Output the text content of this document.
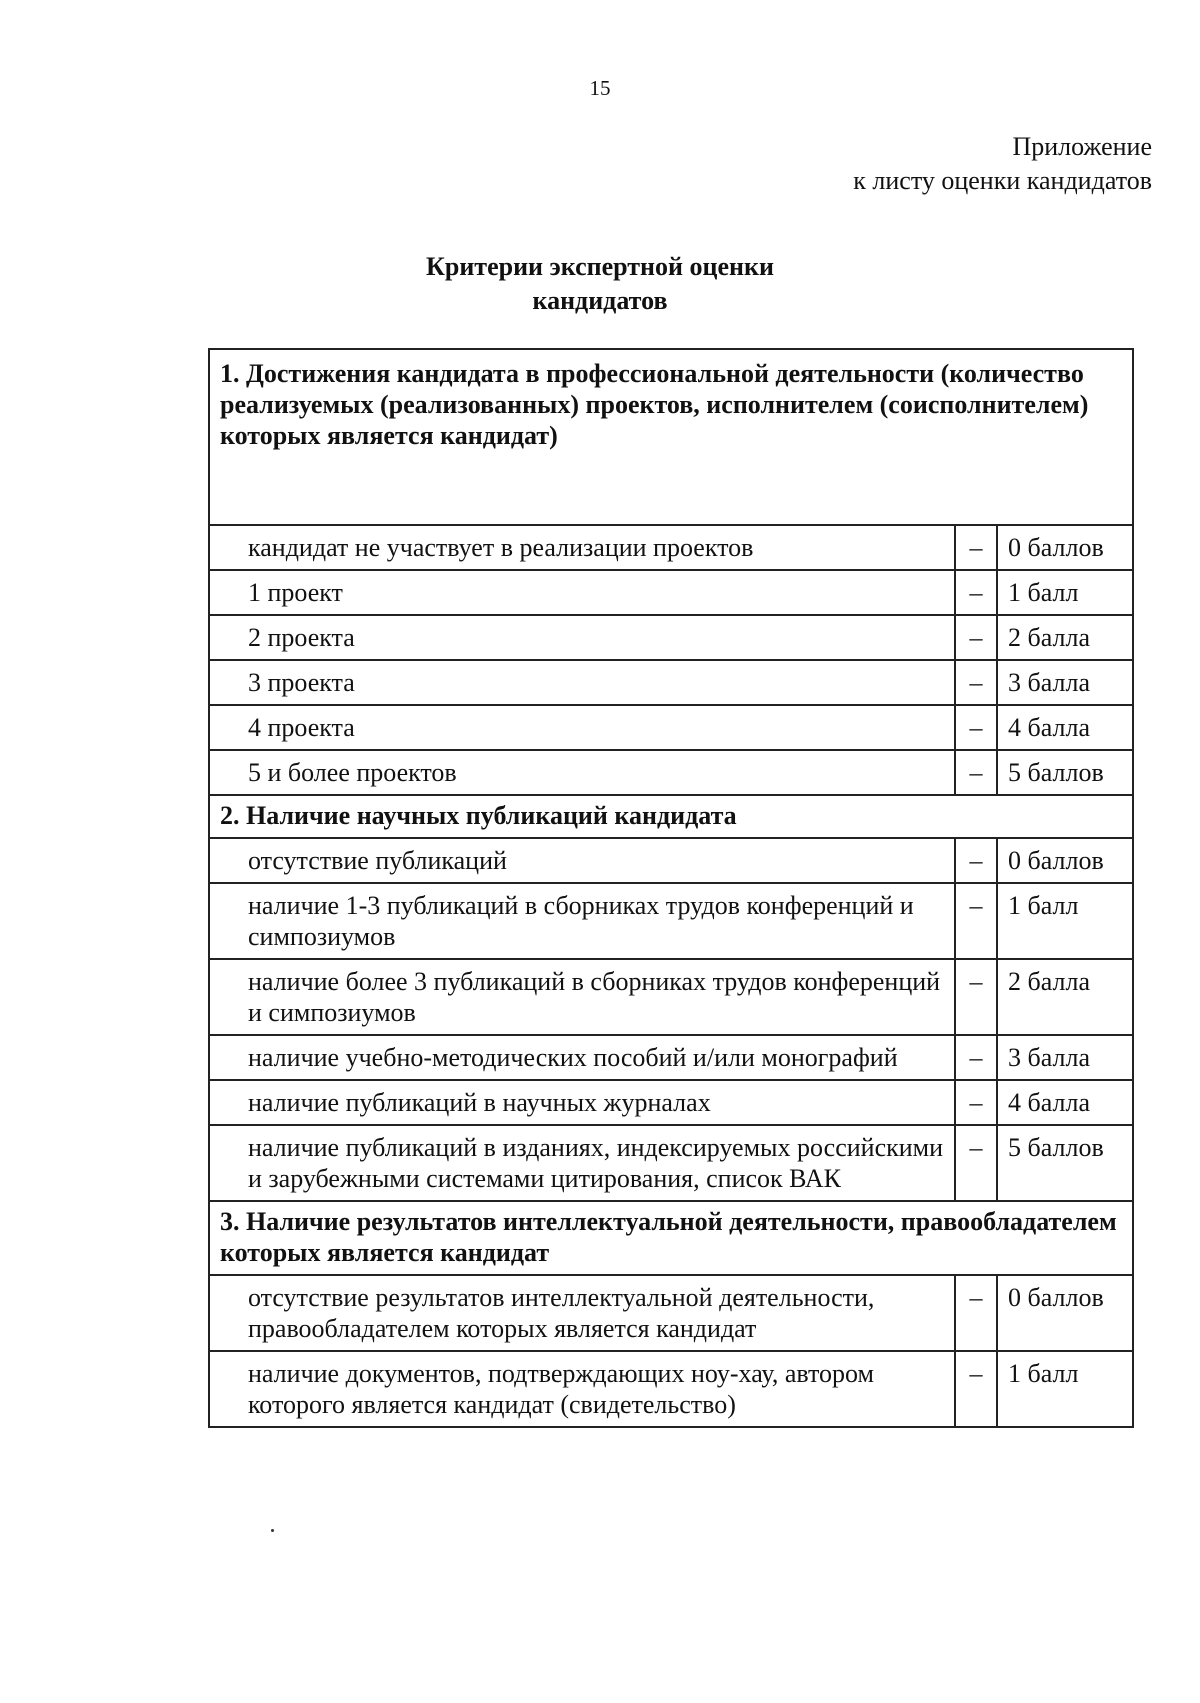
15
Приложение
к листу оценки кандидатов
Критерии экспертной оценки
кандидатов
1. Достижения кандидата в профессиональной деятельности (количество реализуемых (реализованных) проектов, исполнителем (соисполнителем) которых является кандидат)		
кандидат не участвует в реализации проектов	–	0 баллов
1 проект	–	1 балл
2 проекта	–	2 балла
3 проекта	–	3 балла
4 проекта	–	4 балла
5 и более проектов	–	5 баллов
2. Наличие научных публикаций кандидата		
отсутствие публикаций	–	0 баллов
наличие 1-3 публикаций в сборниках трудов конференций и симпозиумов	–	1 балл
наличие более 3 публикаций в сборниках трудов конференций и симпозиумов	–	2 балла
наличие учебно-методических пособий и/или монографий	–	3 балла
наличие публикаций в научных журналах	–	4 балла
наличие публикаций в изданиях, индексируемых российскими и зарубежными системами цитирования, список ВАК	–	5 баллов
3. Наличие результатов интеллектуальной деятельности, правообладателем которых является кандидат		
отсутствие результатов интеллектуальной деятельности, правообладателем которых является кандидат	–	0 баллов
наличие документов, подтверждающих ноу-хау, автором которого является кандидат (свидетельство)	–	1 балл
